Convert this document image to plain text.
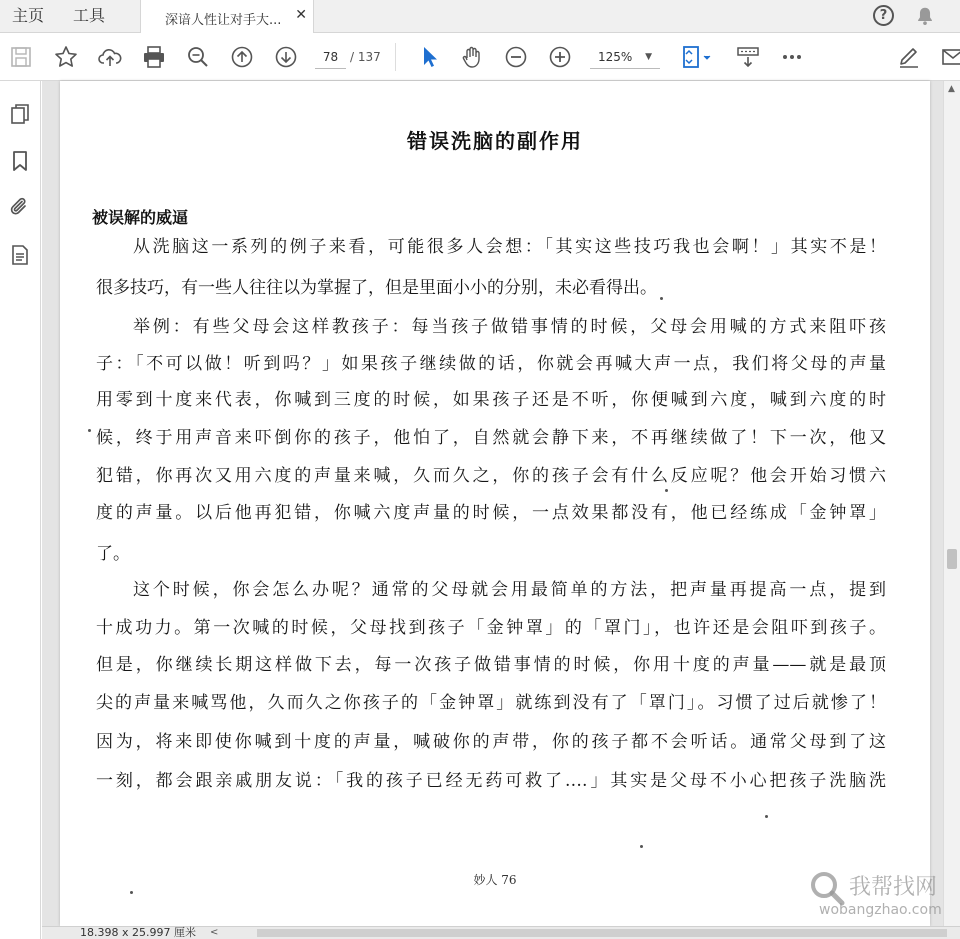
主页 工具	深谙人性让对手大... ✕	?
78 / 137	125% ▼
错误洗脑的副作用
被误解的威逼
从洗脑这一系列的例子来看，可能很多人会想：「其实这些技巧我也会啊！」其实不是！
很多技巧，有一些人往往以为掌握了，但是里面小小的分别，未必看得出。
举例：有些父母会这样教孩子：每当孩子做错事情的时候，父母会用喊的方式来阻吓孩
子：「不可以做！听到吗？」如果孩子继续做的话，你就会再喊大声一点，我们将父母的声量
用零到十度来代表，你喊到三度的时候，如果孩子还是不听，你便喊到六度，喊到六度的时
候，终于用声音来吓倒你的孩子，他怕了，自然就会静下来，不再继续做了！下一次，他又
犯错，你再次又用六度的声量来喊，久而久之，你的孩子会有什么反应呢？他会开始习惯六
度的声量。以后他再犯错，你喊六度声量的时候，一点效果都没有，他已经练成「金钟罩」
了。
这个时候，你会怎么办呢？通常的父母就会用最简单的方法，把声量再提高一点，提到
十成功力。第一次喊的时候，父母找到孩子「金钟罩」的「罩门」，也许还是会阻吓到孩子。
但是，你继续长期这样做下去，每一次孩子做错事情的时候，你用十度的声量——就是最顶
尖的声量来喊骂他，久而久之你孩子的「金钟罩」就练到没有了「罩门」。习惯了过后就惨了！
因为，将来即使你喊到十度的声量，喊破你的声带，你的孩子都不会听话。通常父母到了这
一刻，都会跟亲戚朋友说：「我的孩子已经无药可救了‥‥」其实是父母不小心把孩子洗脑洗
妙人 76
▲
18.398 x 25.997 厘米 <
我帮找网
wobangzhao.com
